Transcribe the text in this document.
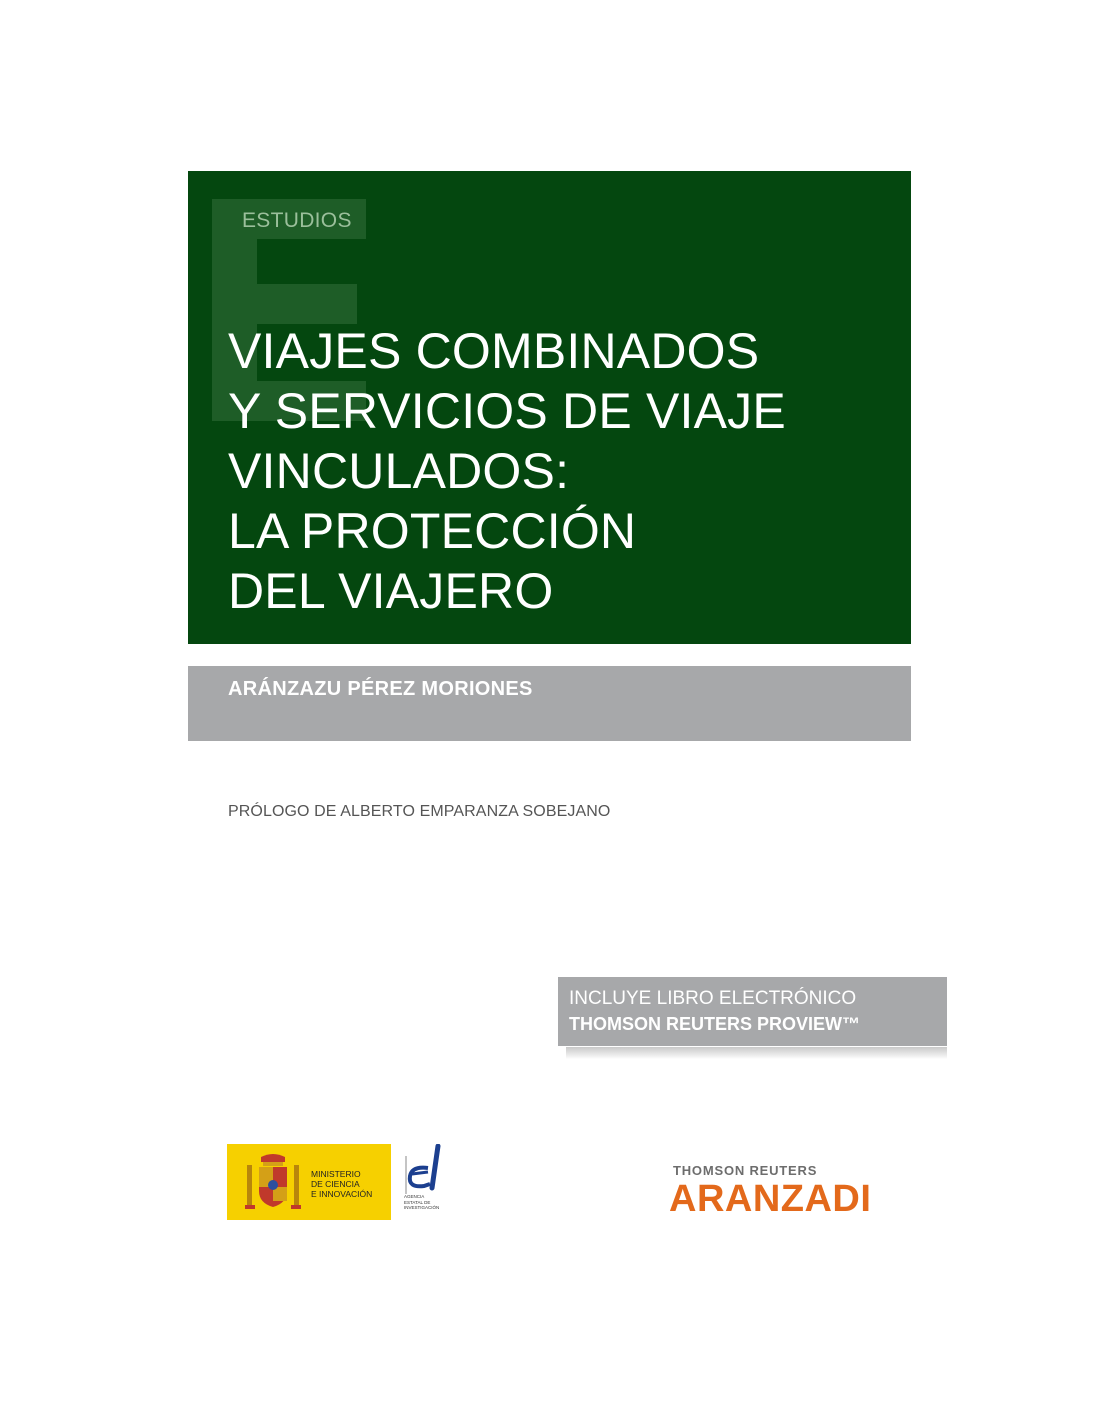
ESTUDIOS
VIAJES COMBINADOS
Y SERVICIOS DE VIAJE
VINCULADOS:
LA PROTECCIÓN
DEL VIAJERO
ARÁNZAZU PÉREZ MORIONES
PRÓLOGO DE ALBERTO EMPARANZA SOBEJANO
INCLUYE LIBRO ELECTRÓNICO
THOMSON REUTERS PROVIEW™
MINISTERIO
DE CIENCIA
E INNOVACIÓN	AGENCIA
ESTATAL DE
INVESTIGACIÓN
THOMSON REUTERS
ARANZADI
